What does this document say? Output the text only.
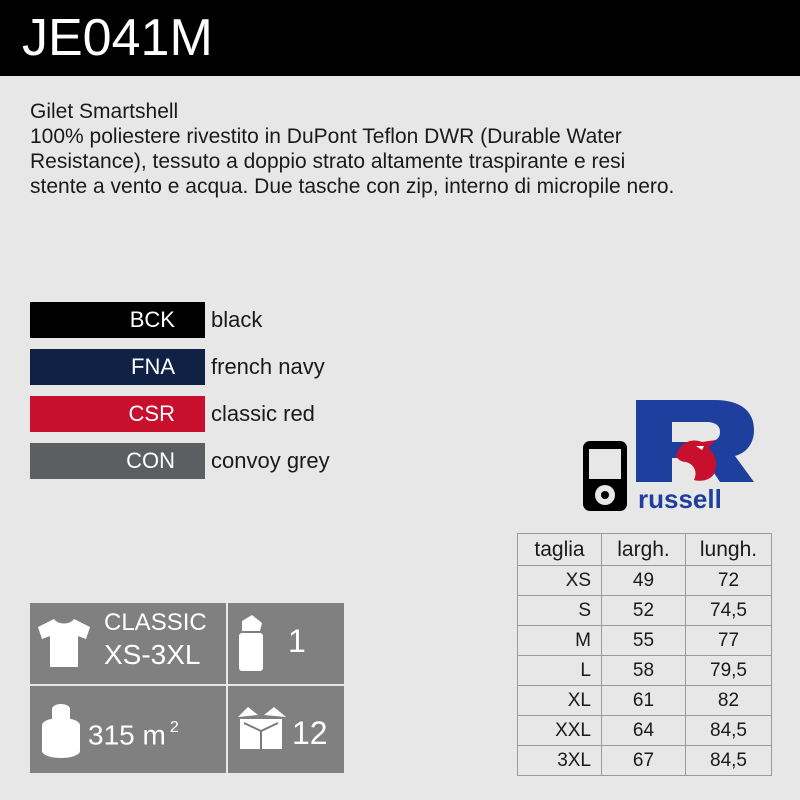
JE041M
Gilet Smartshell
100% poliestere rivestito in DuPont Teflon DWR (Durable Water
Resistance), tessuto a doppio strato altamente traspirante e resi
stente a vento e acqua. Due tasche con zip, interno di micropile nero.
BCK	black
FNA	french navy
CSR	classic red
CON	convoy grey
russell
taglia	largh.	lungh.
XS	49	72
S	52	74,5
M	55	77
L	58	79,5
XL	61	82
XXL	64	84,5
3XL	67	84,5
CLASSIC
XS-3XL	1
315 m $^2$	12
